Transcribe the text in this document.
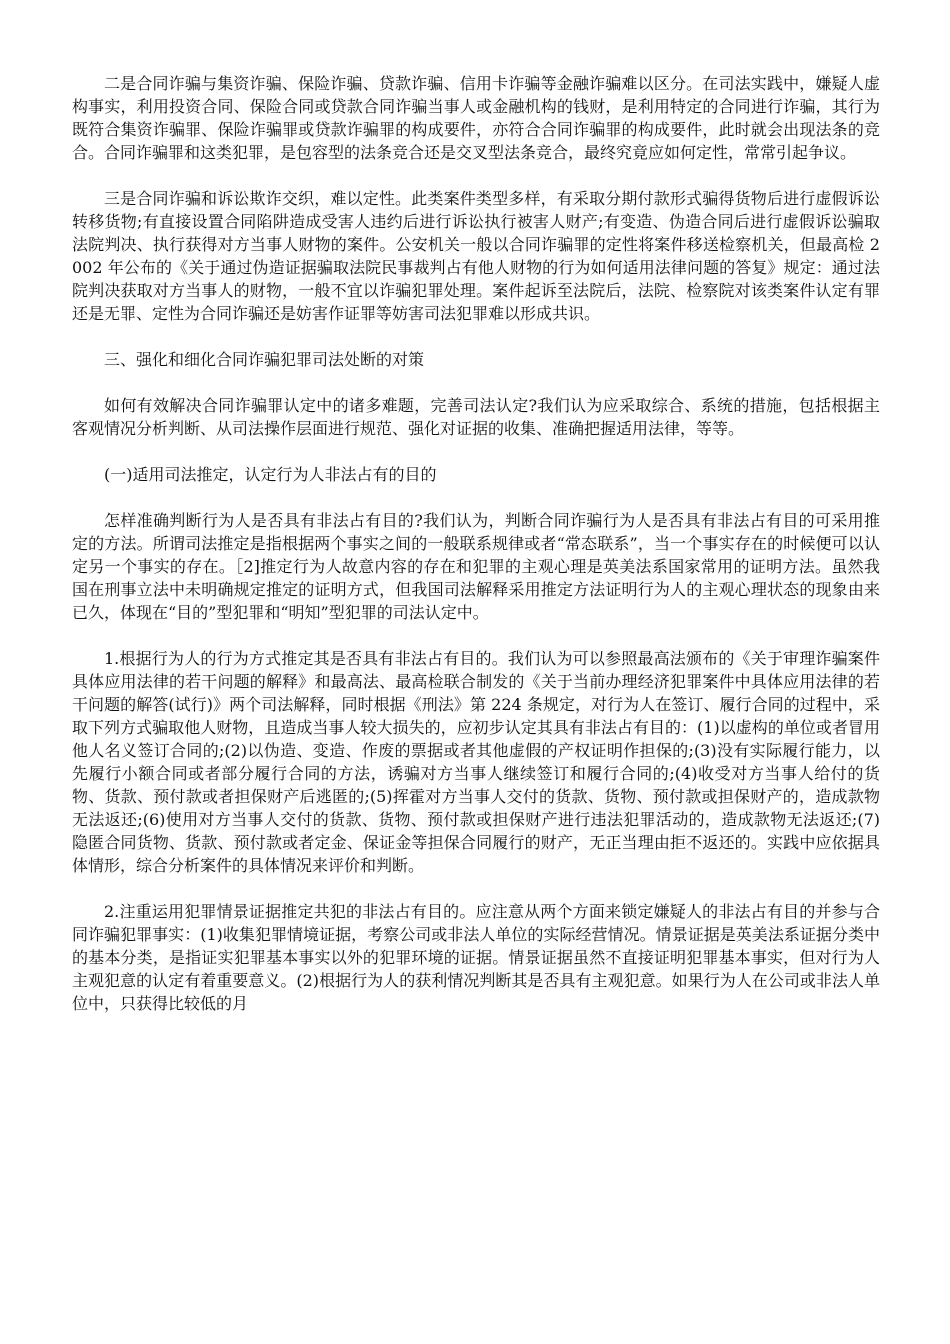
二是合同诈骗与集资诈骗、保险诈骗、贷款诈骗、信用卡诈骗等金融诈骗难以区分。在司法实践中，嫌疑人虚构事实，利用投资合同、保险合同或贷款合同诈骗当事人或金融机构的钱财，是利用特定的合同进行诈骗，其行为既符合集资诈骗罪、保险诈骗罪或贷款诈骗罪的构成要件，亦符合合同诈骗罪的构成要件，此时就会出现法条的竞合。合同诈骗罪和这类犯罪，是包容型的法条竞合还是交叉型法条竞合，最终究竟应如何定性，常常引起争议。

三是合同诈骗和诉讼欺诈交织，难以定性。此类案件类型多样，有采取分期付款形式骗得货物后进行虚假诉讼转移货物;有直接设置合同陷阱造成受害人违约后进行诉讼执行被害人财产;有变造、伪造合同后进行虚假诉讼骗取法院判决、执行获得对方当事人财物的案件。公安机关一般以合同诈骗罪的定性将案件移送检察机关，但最高检 2002 年公布的《关于通过伪造证据骗取法院民事裁判占有他人财物的行为如何适用法律问题的答复》规定：通过法院判决获取对方当事人的财物，一般不宜以诈骗犯罪处理。案件起诉至法院后，法院、检察院对该类案件认定有罪还是无罪、定性为合同诈骗还是妨害作证罪等妨害司法犯罪难以形成共识。

三、强化和细化合同诈骗犯罪司法处断的对策

如何有效解决合同诈骗罪认定中的诸多难题，完善司法认定?我们认为应采取综合、系统的措施，包括根据主客观情况分析判断、从司法操作层面进行规范、强化对证据的收集、准确把握适用法律，等等。

(一)适用司法推定，认定行为人非法占有的目的

怎样准确判断行为人是否具有非法占有目的?我们认为，判断合同诈骗行为人是否具有非法占有目的可采用推定的方法。所谓司法推定是指根据两个事实之间的一般联系规律或者“常态联系”，当一个事实存在的时候便可以认定另一个事实的存在。［2]推定行为人故意内容的存在和犯罪的主观心理是英美法系国家常用的证明方法。虽然我国在刑事立法中未明确规定推定的证明方式，但我国司法解释采用推定方法证明行为人的主观心理状态的现象由来已久，体现在“目的”型犯罪和“明知”型犯罪的司法认定中。

1.根据行为人的行为方式推定其是否具有非法占有目的。我们认为可以参照最高法颁布的《关于审理诈骗案件具体应用法律的若干问题的解释》和最高法、最高检联合制发的《关于当前办理经济犯罪案件中具体应用法律的若干问题的解答(试行)》两个司法解释，同时根据《刑法》第 224 条规定，对行为人在签订、履行合同的过程中，采取下列方式骗取他人财物，且造成当事人较大损失的，应初步认定其具有非法占有目的：(1)以虚构的单位或者冒用他人名义签订合同的;(2)以伪造、变造、作废的票据或者其他虚假的产权证明作担保的;(3)没有实际履行能力，以先履行小额合同或者部分履行合同的方法，诱骗对方当事人继续签订和履行合同的;(4)收受对方当事人给付的货物、货款、预付款或者担保财产后逃匿的;(5)挥霍对方当事人交付的货款、货物、预付款或担保财产的，造成款物无法返还;(6)使用对方当事人交付的货款、货物、预付款或担保财产进行违法犯罪活动的，造成款物无法返还;(7)隐匿合同货物、货款、预付款或者定金、保证金等担保合同履行的财产，无正当理由拒不返还的。实践中应依据具体情形，综合分析案件的具体情况来评价和判断。

2.注重运用犯罪情景证据推定共犯的非法占有目的。应注意从两个方面来锁定嫌疑人的非法占有目的并参与合同诈骗犯罪事实：(1)收集犯罪情境证据，考察公司或非法人单位的实际经营情况。情景证据是英美法系证据分类中的基本分类，是指证实犯罪基本事实以外的犯罪环境的证据。情景证据虽然不直接证明犯罪基本事实，但对行为人主观犯意的认定有着重要意义。(2)根据行为人的获利情况判断其是否具有主观犯意。如果行为人在公司或非法人单位中，只获得比较低的月
